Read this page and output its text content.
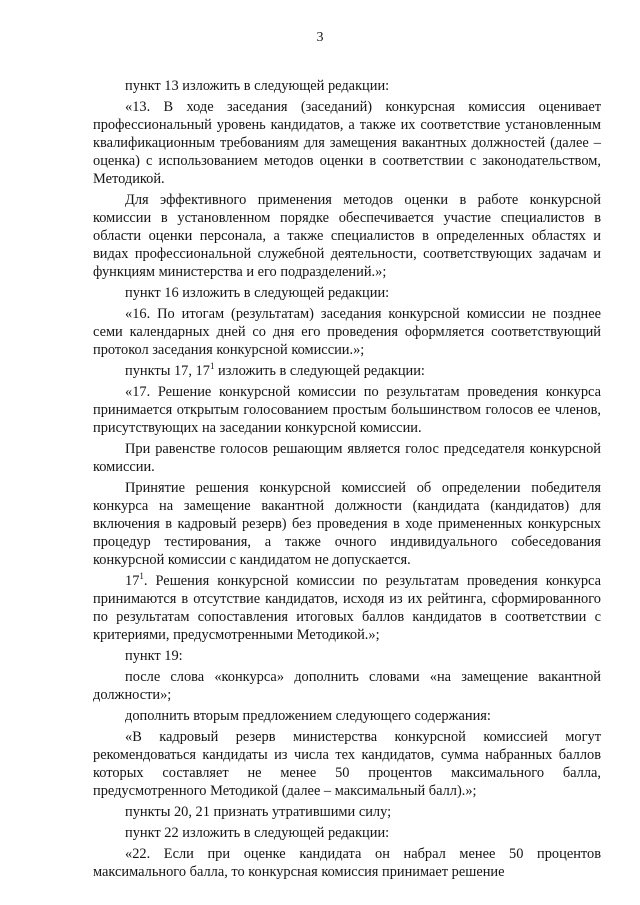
3

пункт 13 изложить в следующей редакции:

«13. В ходе заседания (заседаний) конкурсная комиссия оценивает профессиональный уровень кандидатов, а также их соответствие установленным квалификационным требованиям для замещения вакантных должностей (далее – оценка) с использованием методов оценки в соответствии с законодательством, Методикой.

Для эффективного применения методов оценки в работе конкурсной комиссии в установленном порядке обеспечивается участие специалистов в области оценки персонала, а также специалистов в определенных областях и видах профессиональной служебной деятельности, соответствующих задачам и функциям министерства и его подразделений.»;

пункт 16 изложить в следующей редакции:

«16. По итогам (результатам) заседания конкурсной комиссии не позднее семи календарных дней со дня его проведения оформляется соответствующий протокол заседания конкурсной комиссии.»;

пункты 17, $17^1$ изложить в следующей редакции:

«17. Решение конкурсной комиссии по результатам проведения конкурса принимается открытым голосованием простым большинством голосов ее членов, присутствующих на заседании конкурсной комиссии.

При равенстве голосов решающим является голос председателя конкурсной комиссии.

Принятие решения конкурсной комиссией об определении победителя конкурса на замещение вакантной должности (кандидата (кандидатов) для включения в кадровый резерв) без проведения в ходе примененных конкурсных процедур тестирования, а также очного индивидуального собеседования конкурсной комиссии с кандидатом не допускается.

$17^1$. Решения конкурсной комиссии по результатам проведения конкурса принимаются в отсутствие кандидатов, исходя из их рейтинга, сформированного по результатам сопоставления итоговых баллов кандидатов в соответствии с критериями, предусмотренными Методикой.»;

пункт 19:

после слова «конкурса» дополнить словами «на замещение вакантной должности»;

дополнить вторым предложением следующего содержания:

«В кадровый резерв министерства конкурсной комиссией могут рекомендоваться кандидаты из числа тех кандидатов, сумма набранных баллов которых составляет не менее 50 процентов максимального балла, предусмотренного Методикой (далее – максимальный балл).»;

пункты 20, 21 признать утратившими силу;

пункт 22 изложить в следующей редакции:

«22. Если при оценке кандидата он набрал менее 50 процентов максимального балла, то конкурсная комиссия принимает решение
